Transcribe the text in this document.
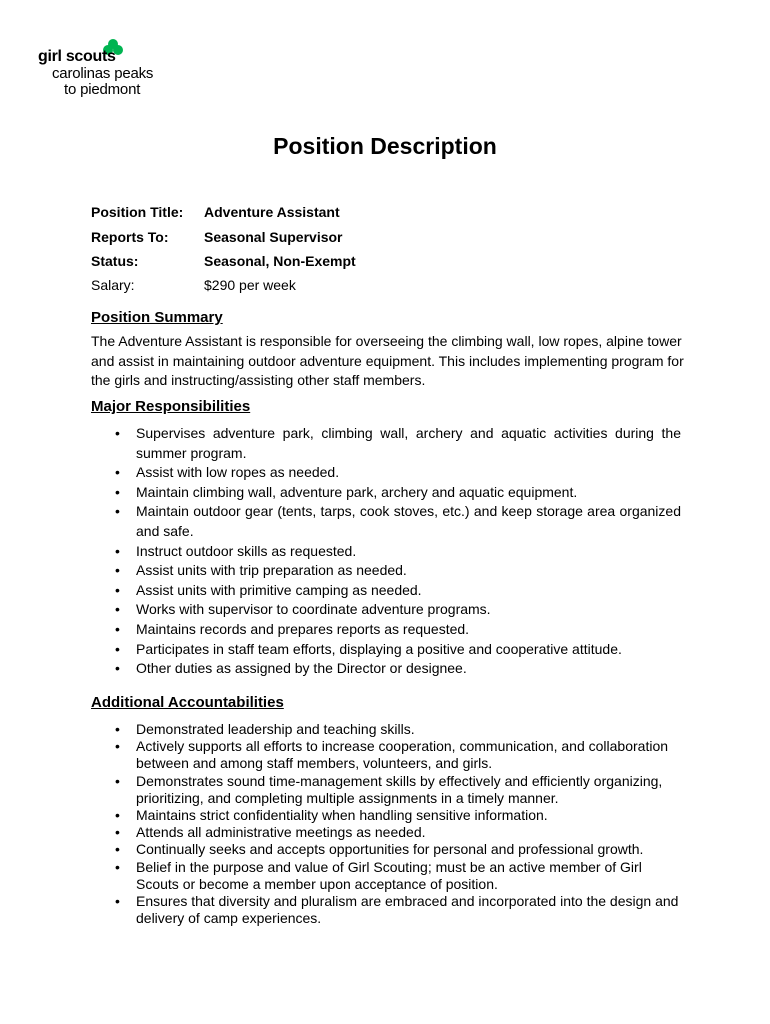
girl scouts
carolinas peaks
to piedmont
Position Description
Position Title: Adventure Assistant
Reports To:	Seasonal Supervisor
Status:	Seasonal, Non-Exempt
Salary:	$290 per week
Position Summary
The Adventure Assistant is responsible for overseeing the climbing wall, low ropes, alpine tower and assist in maintaining outdoor adventure equipment. This includes implementing program for the girls and instructing/assisting other staff members.
Major Responsibilities
• Supervises adventure park, climbing wall, archery and aquatic activities during the summer program.
• Assist with low ropes as needed.
• Maintain climbing wall, adventure park, archery and aquatic equipment.
• Maintain outdoor gear (tents, tarps, cook stoves, etc.) and keep storage area organized and safe.
• Instruct outdoor skills as requested.
• Assist units with trip preparation as needed.
• Assist units with primitive camping as needed.
• Works with supervisor to coordinate adventure programs.
• Maintains records and prepares reports as requested.
• Participates in staff team efforts, displaying a positive and cooperative attitude.
• Other duties as assigned by the Director or designee.
Additional Accountabilities
• Demonstrated leadership and teaching skills.
• Actively supports all efforts to increase cooperation, communication, and collaboration between and among staff members, volunteers, and girls.
• Demonstrates sound time-management skills by effectively and efficiently organizing, prioritizing, and completing multiple assignments in a timely manner.
• Maintains strict confidentiality when handling sensitive information.
• Attends all administrative meetings as needed.
• Continually seeks and accepts opportunities for personal and professional growth.
• Belief in the purpose and value of Girl Scouting; must be an active member of Girl Scouts or become a member upon acceptance of position.
• Ensures that diversity and pluralism are embraced and incorporated into the design and delivery of camp experiences.
